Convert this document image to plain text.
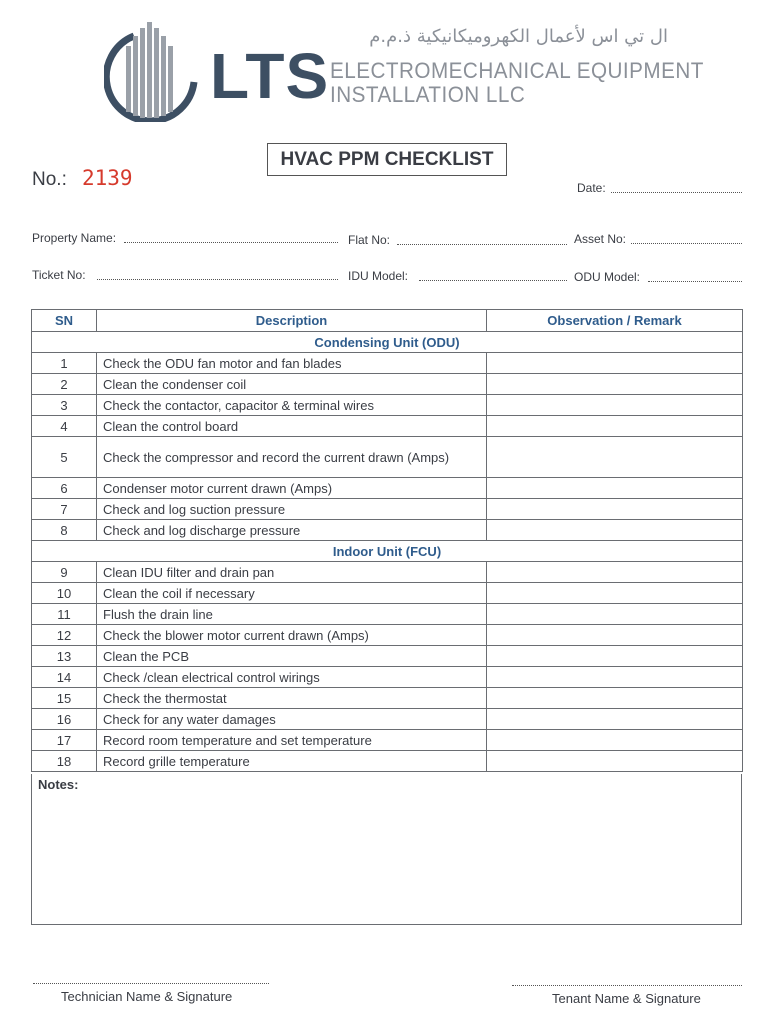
ال تي اس لأعمال الكهروميكانيكية ذ.م.م
LTS ELECTROMECHANICAL EQUIPMENT
INSTALLATION LLC
HVAC PPM CHECKLIST
No.: 2139	Date:
Property Name:	Flat No:	Asset No:
Ticket No:	IDU Model:	ODU Model:
SN	Description	Observation / Remark
Condensing Unit (ODU)		
1	Check the ODU fan motor and fan blades	
2	Clean the condenser coil	
3	Check the contactor, capacitor & terminal wires	
4	Clean the control board	
5	Check the compressor and record the current drawn (Amps)	
6	Condenser motor current drawn (Amps)	
7	Check and log suction pressure	
8	Check and log discharge pressure	
Indoor Unit (FCU)		
9	Clean IDU filter and drain pan	
10	Clean the coil if necessary	
11	Flush the drain line	
12	Check the blower motor current drawn (Amps)	
13	Clean the PCB	
14	Check /clean electrical control wirings	
15	Check the thermostat	
16	Check for any water damages	
17	Record room temperature and set temperature	
18	Record grille temperature	
Notes:
Technician Name & Signature	Tenant Name & Signature
